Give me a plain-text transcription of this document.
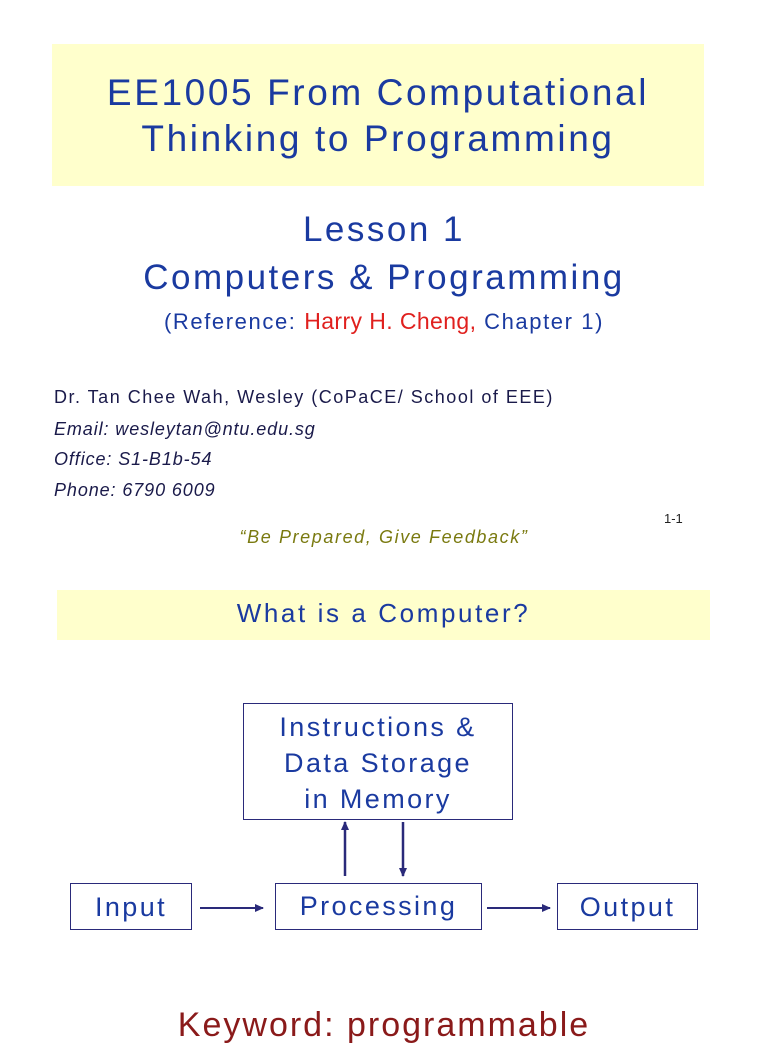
EE1005 From Computational
Thinking to Programming
Lesson 1
Computers & Programming
(Reference: Harry H. Cheng, Chapter 1)
Dr. Tan Chee Wah, Wesley (CoPaCE/ School of EEE)
Email: wesleytan@ntu.edu.sg
Office: S1-B1b-54
Phone: 6790 6009
1-1
“Be Prepared, Give Feedback”
What is a Computer?
Instructions &
Data Storage
in Memory
Input	Processing	Output
Keyword: programmable
